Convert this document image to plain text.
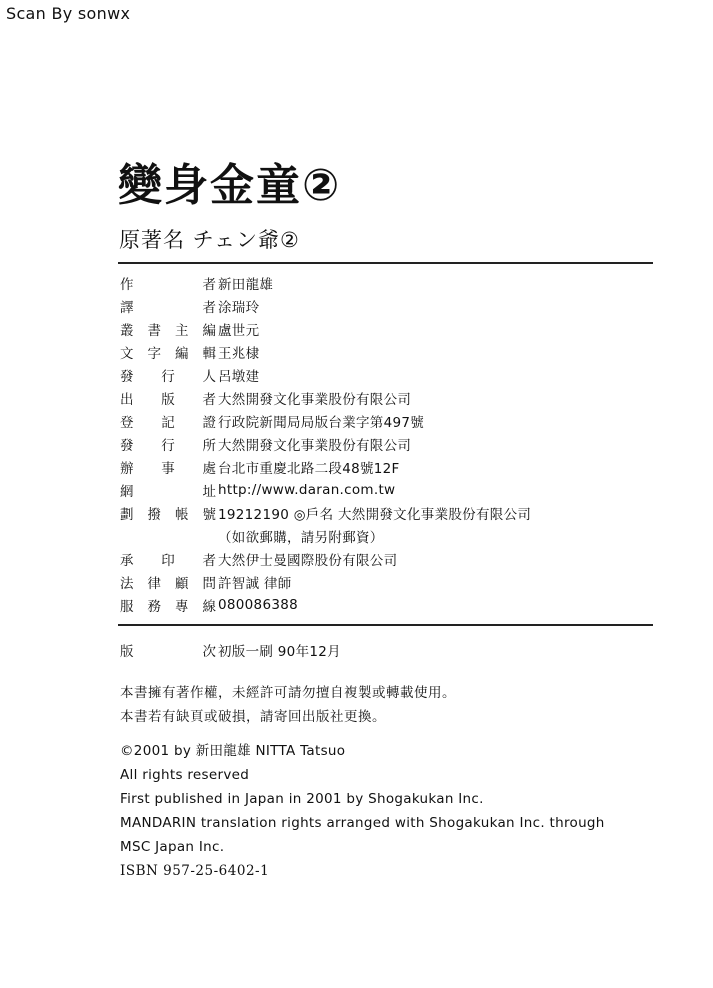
Scan By sonwx
變身金童②
原著名 チェン爺②
作　者 新田龍雄
譯　者 涂瑞玲
叢書主編 盧世元
文字編輯 王兆棣
發行人 呂墩建
出版者 大然開發文化事業股份有限公司
登記證 行政院新聞局局版台業字第497號
發行所 大然開發文化事業股份有限公司
辦事處 台北市重慶北路二段48號12F
網　址 http://www.daran.com.tw
劃撥帳號 19212190 ◎戶名 大然開發文化事業股份有限公司
（如欲郵購，請另附郵資）
承印者 大然伊士曼國際股份有限公司
法律顧問 許智誠 律師
服務專線 080086388
版　次 初版一刷 90年12月
本書擁有著作權，未經許可請勿擅自複製或轉載使用。
本書若有缺頁或破損，請寄回出版社更換。
©2001 by 新田龍雄 NITTA Tatsuo
All rights reserved
First published in Japan in 2001 by Shogakukan Inc.
MANDARIN translation rights arranged with Shogakukan Inc. through
MSC Japan Inc.
ISBN 957-25-6402-1
